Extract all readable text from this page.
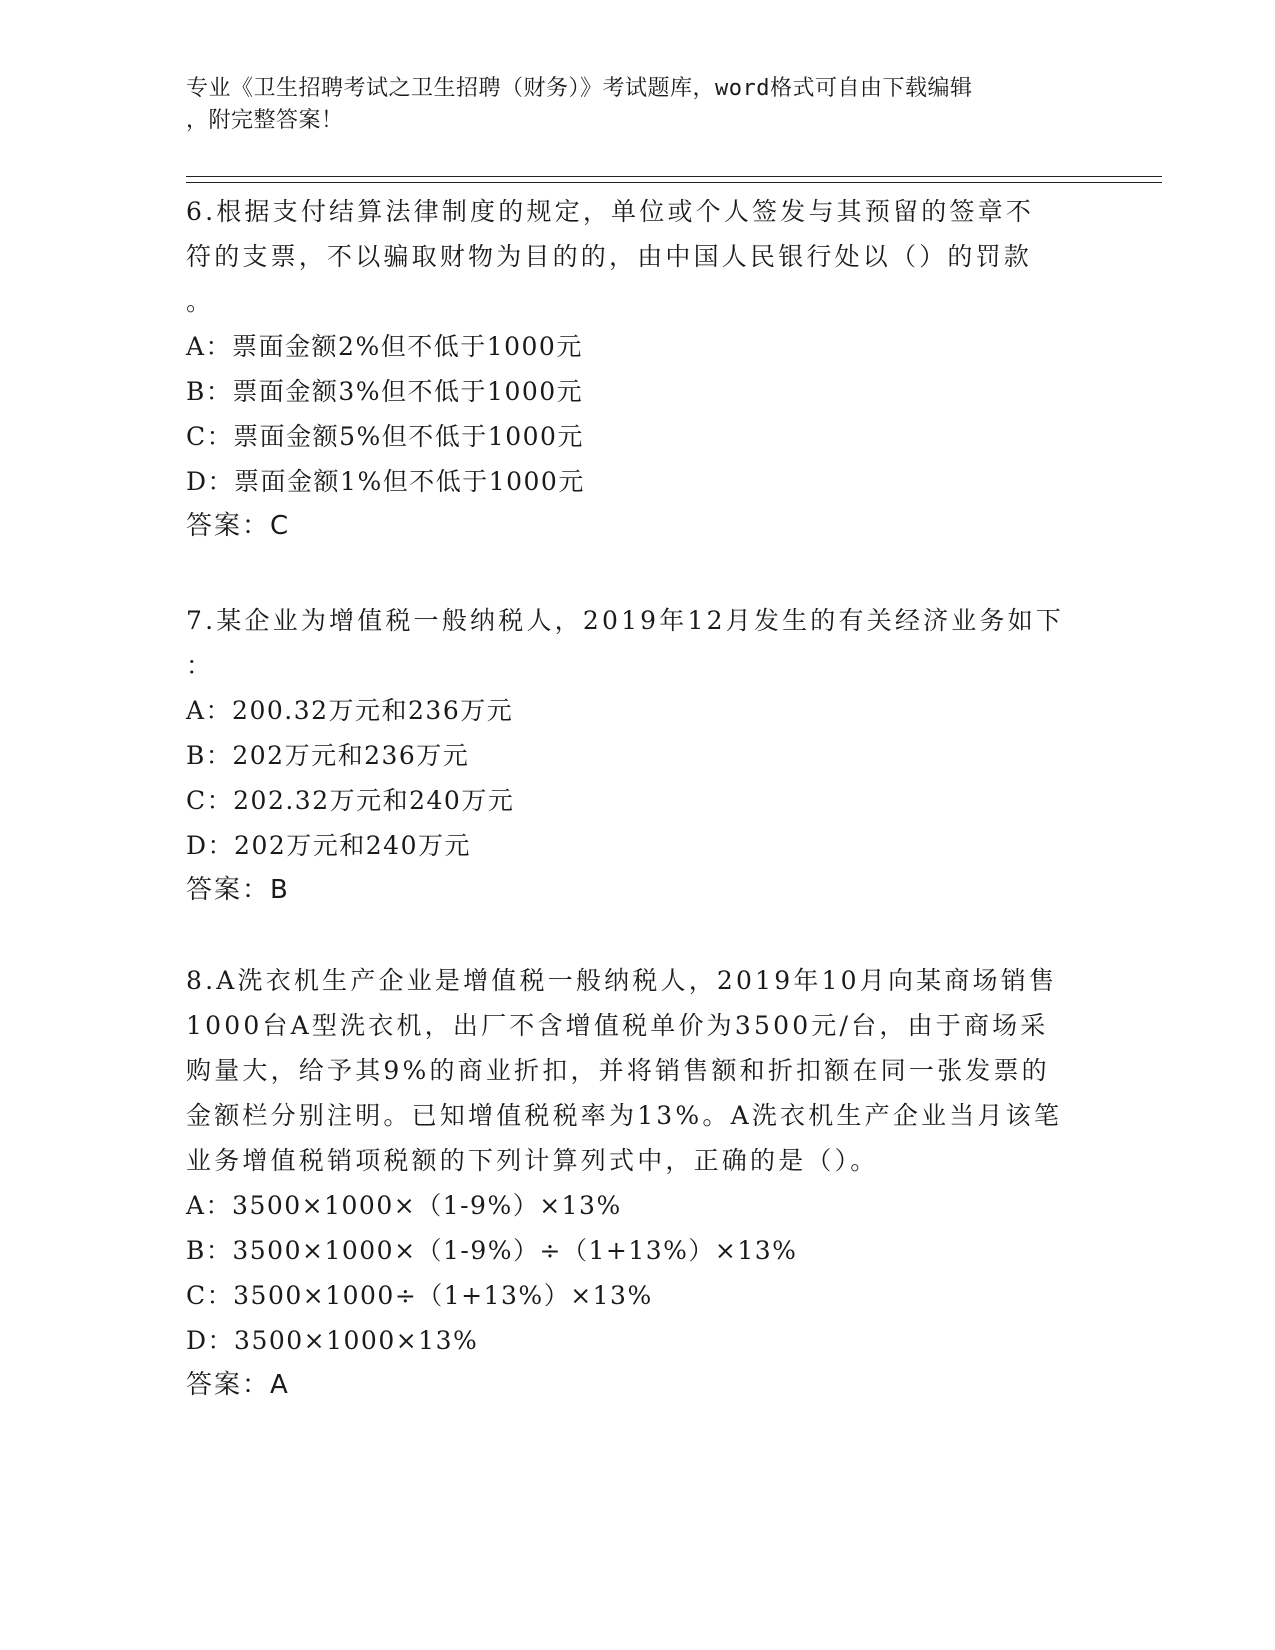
专业《卫生招聘考试之卫生招聘（财务）》考试题库，word格式可自由下载编辑
，附完整答案！
6.根据支付结算法律制度的规定，单位或个人签发与其预留的签章不
符的支票，不以骗取财物为目的的，由中国人民银行处以（）的罚款
。
A：票面金额2%但不低于1000元
B：票面金额3%但不低于1000元
C：票面金额5%但不低于1000元
D：票面金额1%但不低于1000元
答案：C
7.某企业为增值税一般纳税人，2019年12月发生的有关经济业务如下
：
A：200.32万元和236万元
B：202万元和236万元
C：202.32万元和240万元
D：202万元和240万元
答案：B
8.A洗衣机生产企业是增值税一般纳税人，2019年10月向某商场销售
1000台A型洗衣机，出厂不含增值税单价为3500元/台，由于商场采
购量大，给予其9%的商业折扣，并将销售额和折扣额在同一张发票的
金额栏分别注明。已知增值税税率为13%。A洗衣机生产企业当月该笔
业务增值税销项税额的下列计算列式中，正确的是（）。
A：3500×1000×（1-9%）×13%
B：3500×1000×（1-9%）÷（1+13%）×13%
C：3500×1000÷（1+13%）×13%
D：3500×1000×13%
答案：A
